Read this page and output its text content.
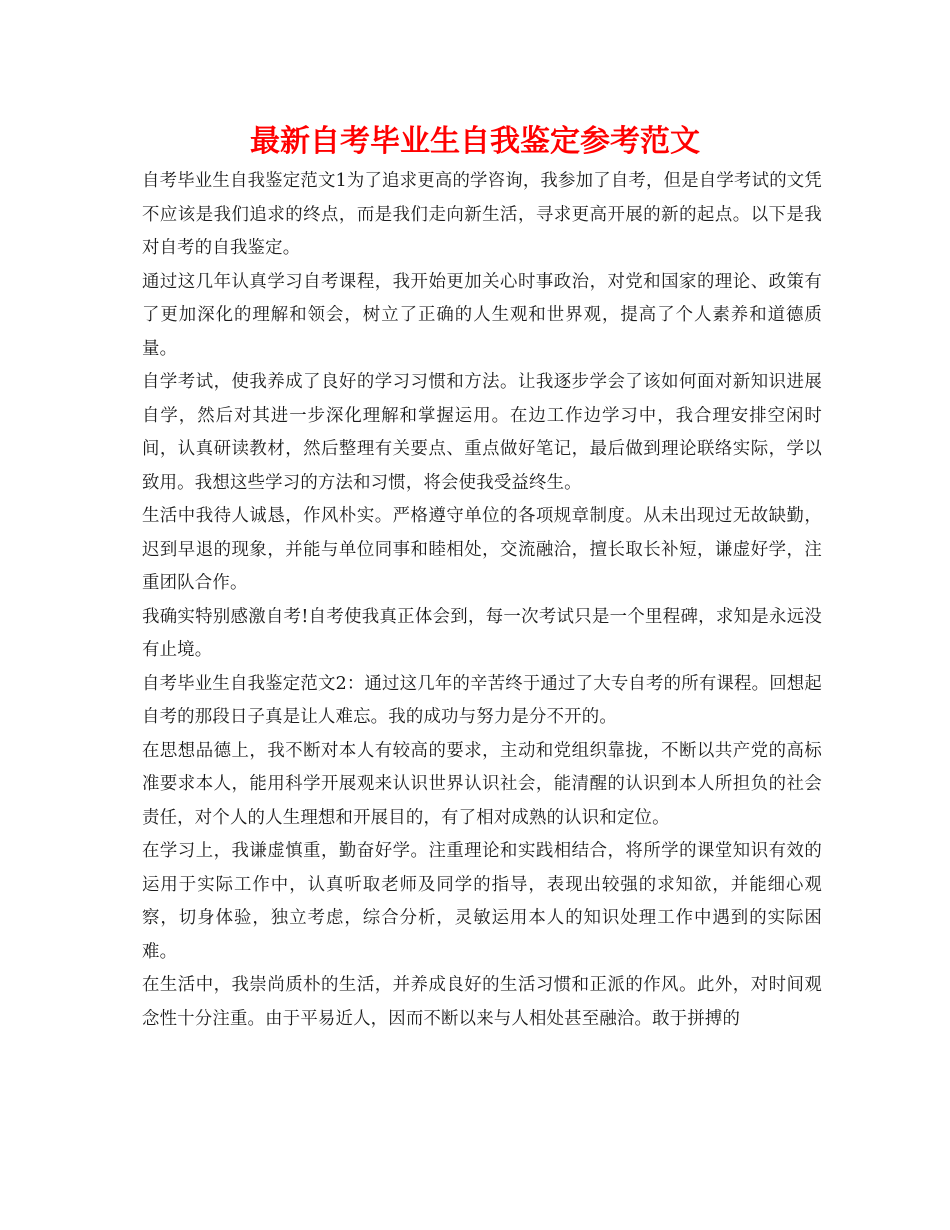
最新自考毕业生自我鉴定参考范文

自考毕业生自我鉴定范文1为了追求更高的学咨询，我参加了自考，但是自学考试的文凭不应该是我们追求的终点，而是我们走向新生活，寻求更高开展的新的起点。以下是我对自考的自我鉴定。

通过这几年认真学习自考课程，我开始更加关心时事政治，对党和国家的理论、政策有了更加深化的理解和领会，树立了正确的人生观和世界观，提高了个人素养和道德质量。

自学考试，使我养成了良好的学习习惯和方法。让我逐步学会了该如何面对新知识进展自学，然后对其进一步深化理解和掌握运用。在边工作边学习中，我合理安排空闲时间，认真研读教材，然后整理有关要点、重点做好笔记，最后做到理论联络实际，学以致用。我想这些学习的方法和习惯，将会使我受益终生。

生活中我待人诚恳，作风朴实。严格遵守单位的各项规章制度。从未出现过无故缺勤，迟到早退的现象，并能与单位同事和睦相处，交流融洽，擅长取长补短，谦虚好学，注重团队合作。

我确实特别感激自考!自考使我真正体会到，每一次考试只是一个里程碑，求知是永远没有止境。

自考毕业生自我鉴定范文2：通过这几年的辛苦终于通过了大专自考的所有课程。回想起自考的那段日子真是让人难忘。我的成功与努力是分不开的。

在思想品德上，我不断对本人有较高的要求，主动和党组织靠拢，不断以共产党的高标准要求本人，能用科学开展观来认识世界认识社会，能清醒的认识到本人所担负的社会责任，对个人的人生理想和开展目的，有了相对成熟的认识和定位。

在学习上，我谦虚慎重，勤奋好学。注重理论和实践相结合，将所学的课堂知识有效的运用于实际工作中，认真听取老师及同学的指导，表现出较强的求知欲，并能细心观察，切身体验，独立考虑，综合分析，灵敏运用本人的知识处理工作中遇到的实际困难。

在生活中，我崇尚质朴的生活，并养成良好的生活习惯和正派的作风。此外，对时间观念性十分注重。由于平易近人，因而不断以来与人相处甚至融洽。敢于拼搏的
